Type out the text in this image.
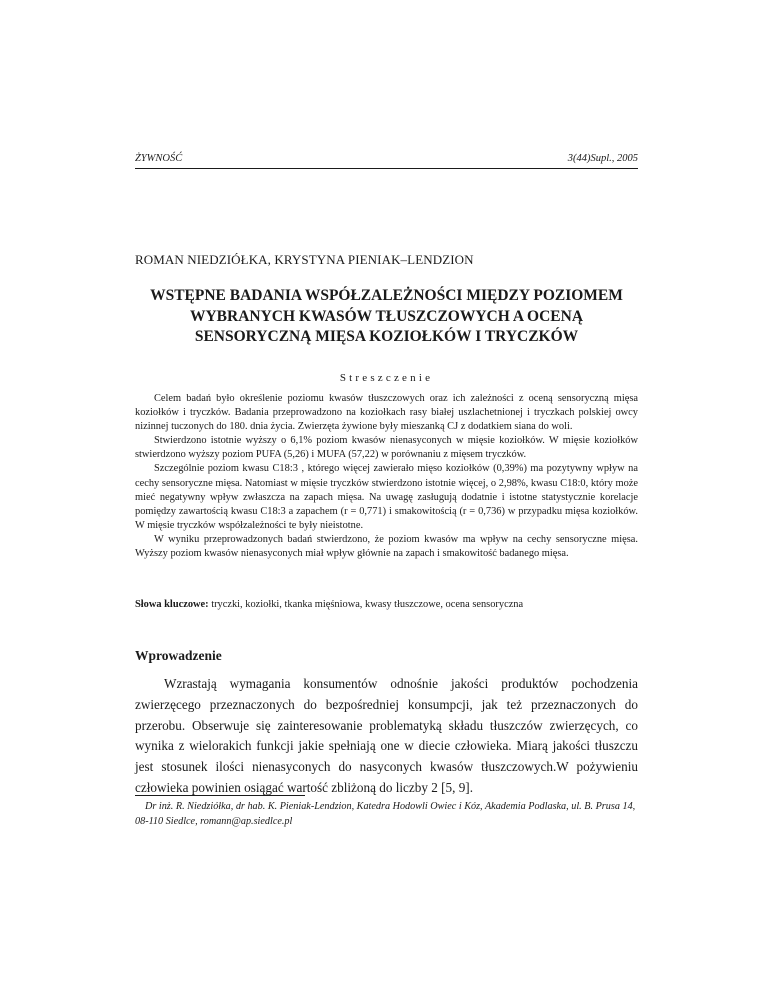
ŻYWNOŚĆ	3(44)Supl., 2005
ROMAN NIEDZIÓŁKA, KRYSTYNA PIENIAK–LENDZION
WSTĘPNE BADANIA WSPÓŁZALEŻNOŚCI MIĘDZY POZIOMEM
WYBRANYCH KWASÓW TŁUSZCZOWYCH A OCENĄ
SENSORYCZNĄ MIĘSA KOZIOŁKÓW I TRYCZKÓW
Streszczenie

Celem badań było określenie poziomu kwasów tłuszczowych oraz ich zależności z oceną sensoryczną mięsa koziołków i tryczków. Badania przeprowadzono na koziołkach rasy białej uszlachetnionej i tryczkach polskiej owcy nizinnej tuczonych do 180. dnia życia. Zwierzęta żywione były mieszanką CJ z dodatkiem siana do woli.

Stwierdzono istotnie wyższy o 6,1% poziom kwasów nienasyconych w mięsie koziołków. W mięsie koziołków stwierdzono wyższy poziom PUFA (5,26) i MUFA (57,22) w porównaniu z mięsem tryczków.

Szczególnie poziom kwasu C18:3 , którego więcej zawierało mięso koziołków (0,39%) ma pozytywny wpływ na cechy sensoryczne mięsa. Natomiast w mięsie tryczków stwierdzono istotnie więcej, o 2,98%, kwasu C18:0, który może mieć negatywny wpływ zwłaszcza na zapach mięsa. Na uwagę zasługują dodatnie i istotne statystycznie korelacje pomiędzy zawartością kwasu C18:3 a zapachem (r = 0,771) i smakowitością (r = 0,736) w przypadku mięsa koziołków. W mięsie tryczków współzależności te były nieistotne.

W wyniku przeprowadzonych badań stwierdzono, że poziom kwasów ma wpływ na cechy sensoryczne mięsa. Wyższy poziom kwasów nienasyconych miał wpływ głównie na zapach i smakowitość badanego mięsa.

Słowa kluczowe: tryczki, koziołki, tkanka mięśniowa, kwasy tłuszczowe, ocena sensoryczna
Wprowadzenie

Wzrastają wymagania konsumentów odnośnie jakości produktów pochodzenia zwierzęcego przeznaczonych do bezpośredniej konsumpcji, jak też przeznaczonych do przerobu. Obserwuje się zainteresowanie problematyką składu tłuszczów zwierzęcych, co wynika z wielorakich funkcji jakie spełniają one w diecie człowieka. Miarą jakości tłuszczu jest stosunek ilości nienasyconych do nasyconych kwasów tłuszczowych.W pożywieniu człowieka powinien osiągać wartość zbliżoną do liczby 2 [5, 9].

Dr inż. R. Niedziółka, dr hab. K. Pieniak-Lendzion, Katedra Hodowli Owiec i Kóz, Akademia Podlaska, ul. B. Prusa 14, 08-110 Siedlce, romann@ap.siedlce.pl
